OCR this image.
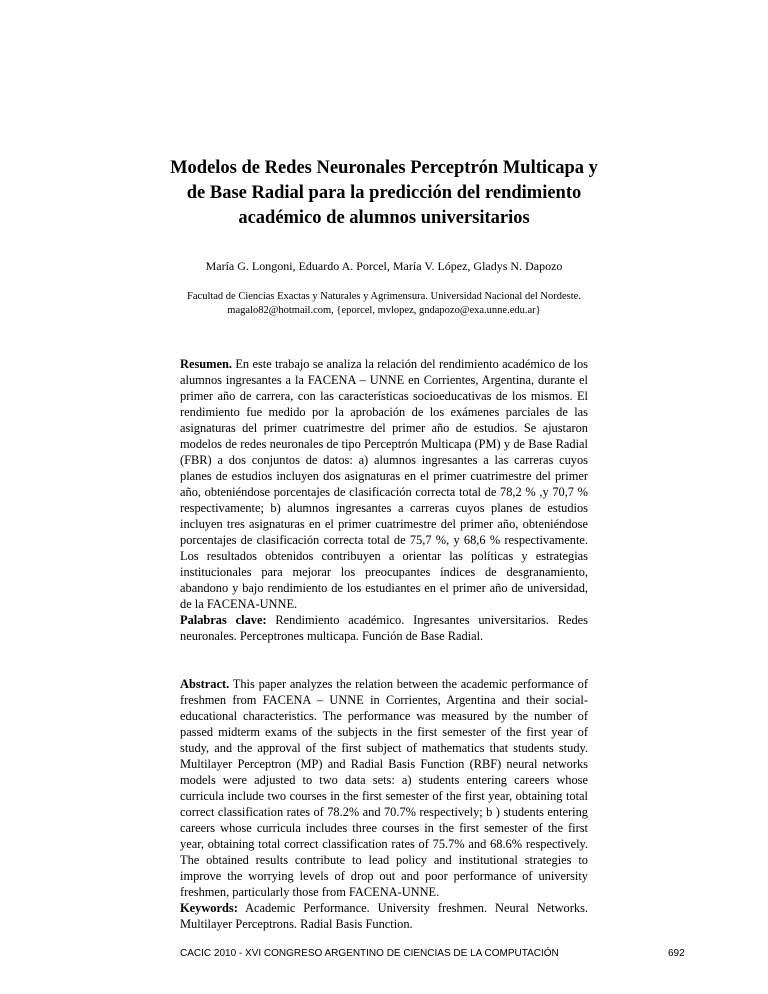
Modelos de Redes Neuronales Perceptrón Multicapa y
de Base Radial para la predicción del rendimiento
académico de alumnos universitarios
María G. Longoni, Eduardo A. Porcel, María V. López, Gladys N. Dapozo
Facultad de Ciencias Exactas y Naturales y Agrimensura. Universidad Nacional del Nordeste.
magalo82@hotmail.com, {eporcel, mvlopez, gndapozo@exa.unne.edu.ar}

Resumen. En este trabajo se analiza la relación del rendimiento académico de los alumnos ingresantes a la FACENA – UNNE en Corrientes, Argentina, durante el primer año de carrera, con las características socioeducativas de los mismos. El rendimiento fue medido por la aprobación de los exámenes parciales de las asignaturas del primer cuatrimestre del primer año de estudios. Se ajustaron modelos de redes neuronales de tipo Perceptrón Multicapa (PM) y de Base Radial (FBR) a dos conjuntos de datos: a) alumnos ingresantes a las carreras cuyos planes de estudios incluyen dos asignaturas en el primer cuatrimestre del primer año, obteniéndose porcentajes de clasificación correcta total de 78,2 % ,y 70,7 % respectivamente; b) alumnos ingresantes a carreras cuyos planes de estudios incluyen tres asignaturas en el primer cuatrimestre del primer año, obteniéndose porcentajes de clasificación correcta total de 75,7 %, y 68,6 % respectivamente. Los resultados obtenidos contribuyen a orientar las políticas y estrategias institucionales para mejorar los preocupantes índices de desgranamiento, abandono y bajo rendimiento de los estudiantes en el primer año de universidad, de la FACENA-UNNE.

Palabras clave: Rendimiento académico. Ingresantes universitarios. Redes neuronales. Perceptrones multicapa. Función de Base Radial.

Abstract. This paper analyzes the relation between the academic performance of freshmen from FACENA – UNNE in Corrientes, Argentina and their social-educational characteristics. The performance was measured by the number of passed midterm exams of the subjects in the first semester of the first year of study, and the approval of the first subject of mathematics that students study. Multilayer Perceptron (MP) and Radial Basis Function (RBF) neural networks models were adjusted to two data sets: a) students entering careers whose curricula include two courses in the first semester of the first year, obtaining total correct classification rates of 78.2% and 70.7% respectively; b ) students entering careers whose curricula includes three courses in the first semester of the first year, obtaining total correct classification rates of 75.7% and 68.6% respectively. The obtained results contribute to lead policy and institutional strategies to improve the worrying levels of drop out and poor performance of university freshmen, particularly those from FACENA-UNNE.

Keywords: Academic Performance. University freshmen. Neural Networks. Multilayer Perceptrons. Radial Basis Function.

CACIC 2010 - XVI CONGRESO ARGENTINO DE CIENCIAS DE LA COMPUTACIÓN	692
